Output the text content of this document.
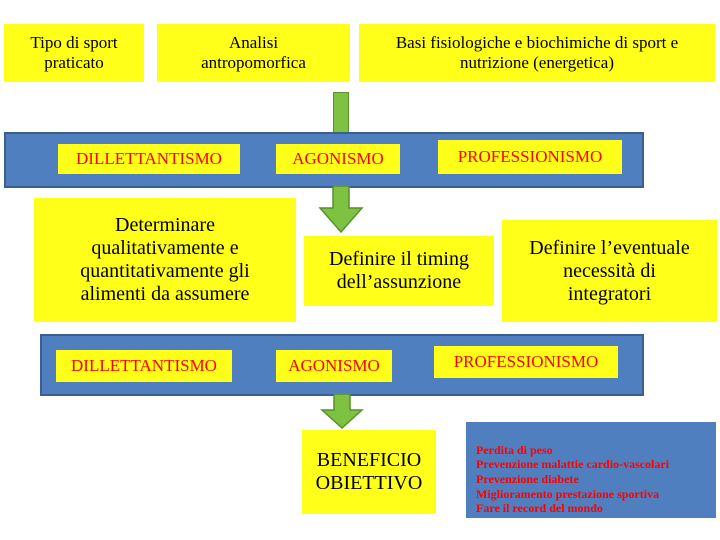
Tipo di sport
praticato
Analisi
antropomorfica
Basi fisiologiche e biochimiche di sport e
nutrizione (energetica)
DILLETTANTISMO	AGONISMO	PROFESSIONISMO
Determinare
qualitativamente e
quantitativamente gli
alimenti da assumere
Definire il timing
dell’assunzione
Definire l’eventuale
necessità di
integratori
DILLETTANTISMO	AGONISMO	PROFESSIONISMO
BENEFICIO
OBIETTIVO

Perdita di peso
Prevenzione malattie cardio-vascolari
Prevenzione diabete
Miglioramento prestazione sportiva
Fare il record del mondo
